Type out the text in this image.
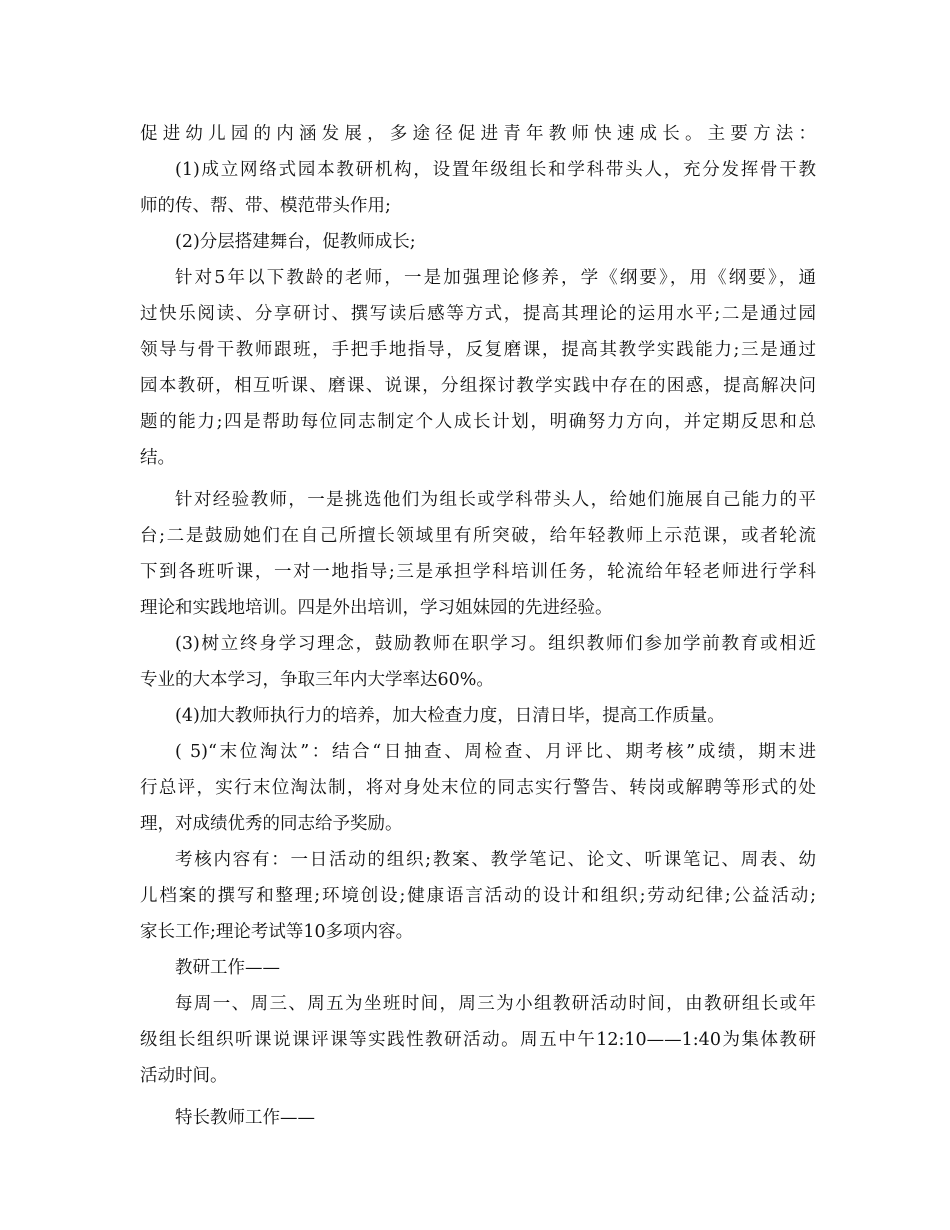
促进幼儿园的内涵发展，多途径促进青年教师快速成长。主要方法：
(1)成立网络式园本教研机构，设置年级组长和学科带头人，充分发挥骨干教
师的传、帮、带、模范带头作用;
(2)分层搭建舞台，促教师成长;
针对5年以下教龄的老师，一是加强理论修养，学《纲要》，用《纲要》，通
过快乐阅读、分享研讨、撰写读后感等方式，提高其理论的运用水平;二是通过园
领导与骨干教师跟班，手把手地指导，反复磨课，提高其教学实践能力;三是通过
园本教研，相互听课、磨课、说课，分组探讨教学实践中存在的困惑，提高解决问
题的能力;四是帮助每位同志制定个人成长计划，明确努力方向，并定期反思和总
结。
针对经验教师，一是挑选他们为组长或学科带头人，给她们施展自己能力的平
台;二是鼓励她们在自己所擅长领域里有所突破，给年轻教师上示范课，或者轮流
下到各班听课，一对一地指导;三是承担学科培训任务，轮流给年轻老师进行学科
理论和实践地培训。四是外出培训，学习姐妹园的先进经验。
(3)树立终身学习理念，鼓励教师在职学习。组织教师们参加学前教育或相近
专业的大本学习，争取三年内大学率达60%。
(4)加大教师执行力的培养，加大检查力度，日清日毕，提高工作质量。
( 5)“末位淘汰”：结合“日抽查、周检查、月评比、期考核”成绩，期末进
行总评，实行末位淘汰制，将对身处末位的同志实行警告、转岗或解聘等形式的处
理，对成绩优秀的同志给予奖励。
考核内容有：一日活动的组织;教案、教学笔记、论文、听课笔记、周表、幼
儿档案的撰写和整理;环境创设;健康语言活动的设计和组织;劳动纪律;公益活动;
家长工作;理论考试等10多项内容。
教研工作——
每周一、周三、周五为坐班时间，周三为小组教研活动时间，由教研组长或年
级组长组织听课说课评课等实践性教研活动。周五中午12:10——1:40为集体教研
活动时间。
特长教师工作——
